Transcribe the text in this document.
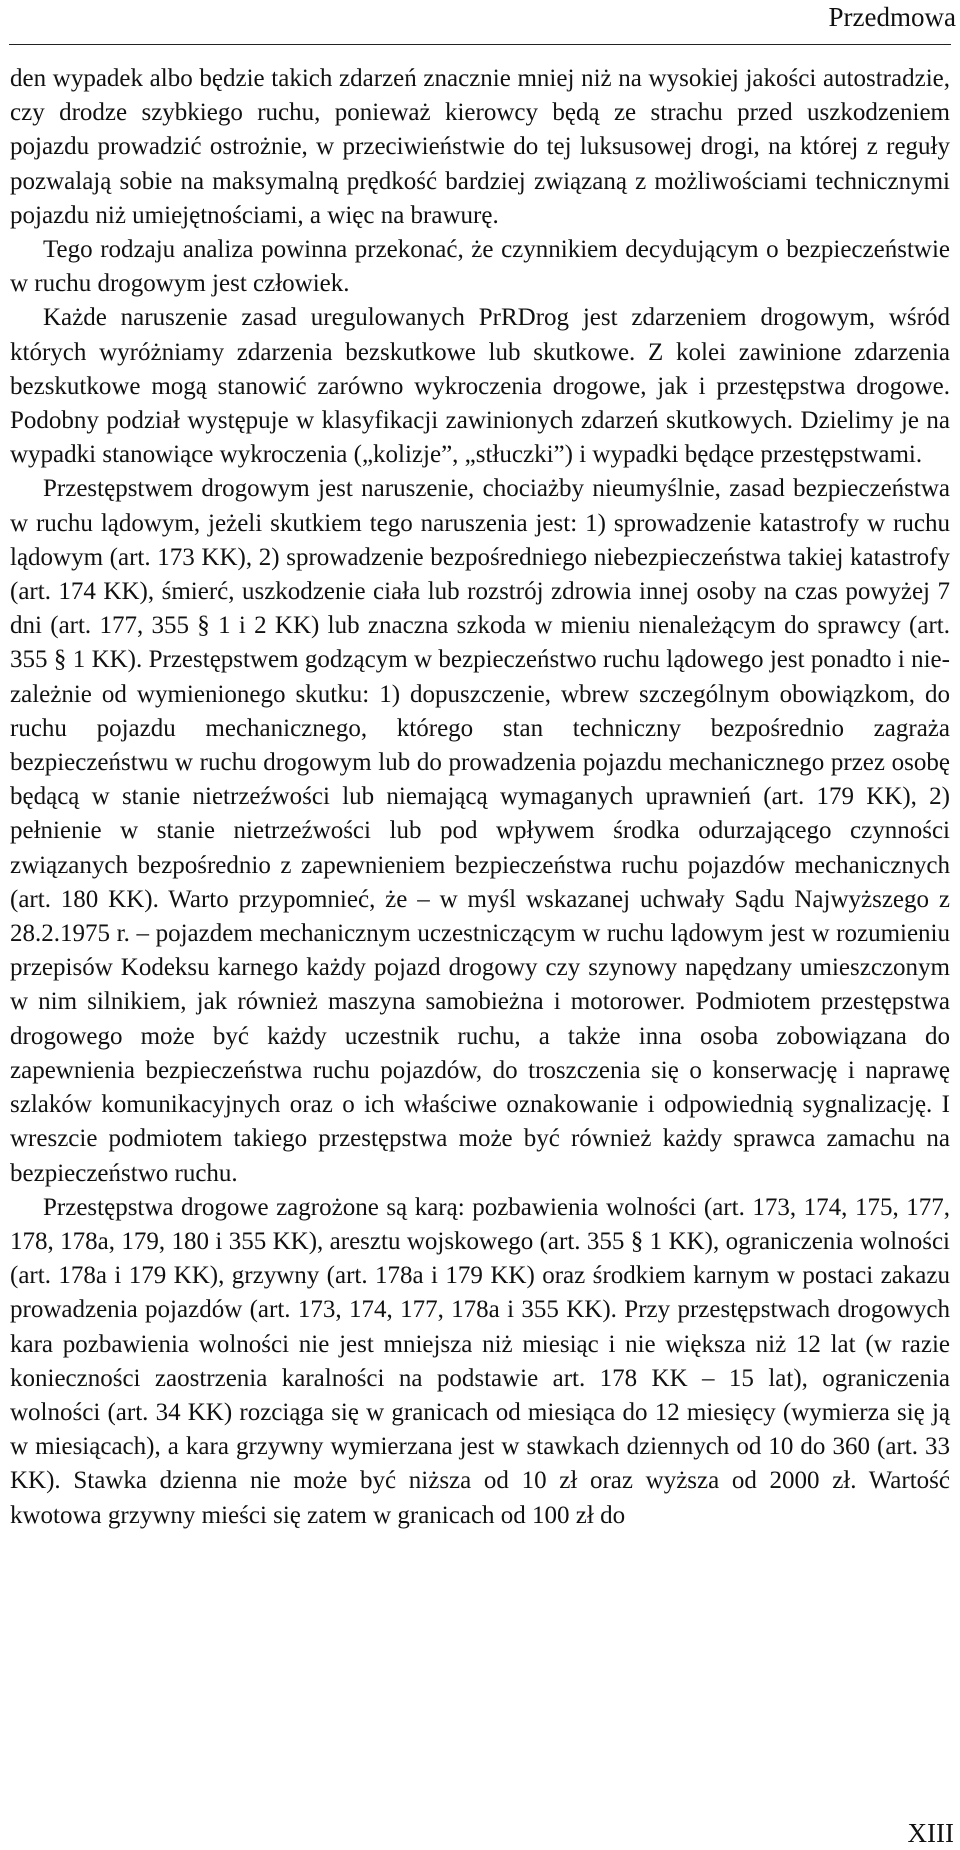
Przedmowa

den wypadek albo będzie takich zdarzeń znacznie mniej niż na wysokiej jakości autostradzie, czy drodze szybkiego ruchu, ponieważ kierowcy będą ze strachu przed uszkodzeniem pojazdu prowadzić ostrożnie, w przeciwieństwie do tej luksusowej drogi, na której z reguły pozwalają sobie na maksymalną prędkość bardziej związaną z możliwościami technicznymi pojazdu niż umiejętnościami, a więc na brawurę.

Tego rodzaju analiza powinna przekonać, że czynnikiem decydującym o bezpieczeństwie w ruchu drogowym jest człowiek.

Każde naruszenie zasad uregulowanych PrRDrog jest zdarzeniem drogowym, wśród których wyróżniamy zdarzenia bezskutkowe lub skutkowe. Z kolei zawinione zdarzenia bezskutkowe mogą stanowić zarówno wykroczenia drogowe, jak i przestępstwa drogowe. Podobny podział występuje w klasyfikacji zawinionych zdarzeń skutkowych. Dzielimy je na wypadki stanowiące wykroczenia („kolizje”, „stłuczki”) i wypadki będące przestępstwami.

Przestępstwem drogowym jest naruszenie, chociażby nieumyślnie, zasad bezpieczeństwa w ruchu lądowym, jeżeli skutkiem tego naruszenia jest: 1) sprowadzenie katastrofy w ruchu lądowym (art. 173 KK), 2) sprowadzenie bezpośredniego niebezpieczeństwa takiej katastrofy (art. 174 KK), śmierć, uszkodzenie ciała lub rozstrój zdrowia innej osoby na czas powyżej 7 dni (art. 177, 355 § 1 i 2 KK) lub znaczna szkoda w mieniu nienależącym do sprawcy (art. 355 § 1 KK). Przestępstwem godzącym w bezpieczeństwo ruchu lądowego jest ponadto i niezależnie od wymienionego skutku: 1) dopuszczenie, wbrew szczególnym obowiązkom, do ruchu pojazdu mechanicznego, którego stan techniczny bezpośrednio zagraża bezpieczeństwu w ruchu drogowym lub do prowadzenia pojazdu mechanicznego przez osobę będącą w stanie nietrzeźwości lub niemającą wymaganych uprawnień (art. 179 KK), 2) pełnienie w stanie nietrzeźwości lub pod wpływem środka odurzającego czynności związanych bezpośrednio z zapewnieniem bezpieczeństwa ruchu pojazdów mechanicznych (art. 180 KK). Warto przypomnieć, że – w myśl wskazanej uchwały Sądu Najwyższego z 28.2.1975 r. – pojazdem mechanicznym uczestniczącym w ruchu lądowym jest w rozumieniu przepisów Kodeksu karnego każdy pojazd drogowy czy szynowy napędzany umieszczonym w nim silnikiem, jak również maszyna samobieżna i motorower. Podmiotem przestępstwa drogowego może być każdy uczestnik ruchu, a także inna osoba zobowiązana do zapewnienia bezpieczeństwa ruchu pojazdów, do troszczenia się o konserwację i naprawę szlaków komunikacyjnych oraz o ich właściwe oznakowanie i odpowiednią sygnalizację. I wreszcie podmiotem takiego przestępstwa może być również każdy sprawca zamachu na bezpieczeństwo ruchu.

Przestępstwa drogowe zagrożone są karą: pozbawienia wolności (art. 173, 174, 175, 177, 178, 178a, 179, 180 i 355 KK), aresztu wojskowego (art. 355 § 1 KK), ograniczenia wolności (art. 178a i 179 KK), grzywny (art. 178a i 179 KK) oraz środkiem karnym w postaci zakazu prowadzenia pojazdów (art. 173, 174, 177, 178a i 355 KK). Przy przestępstwach drogowych kara pozbawienia wolności nie jest mniejsza niż miesiąc i nie większa niż 12 lat (w razie konieczności zaostrzenia karalności na podstawie art. 178 KK – 15 lat), ograniczenia wolności (art. 34 KK) rozciąga się w granicach od miesiąca do 12 miesięcy (wymierza się ją w miesiącach), a kara grzywny wymierzana jest w stawkach dziennych od 10 do 360 (art. 33 KK). Stawka dzienna nie może być niższa od 10 zł oraz wyższa od 2000 zł. Wartość kwotowa grzywny mieści się zatem w granicach od 100 zł do

XIII
